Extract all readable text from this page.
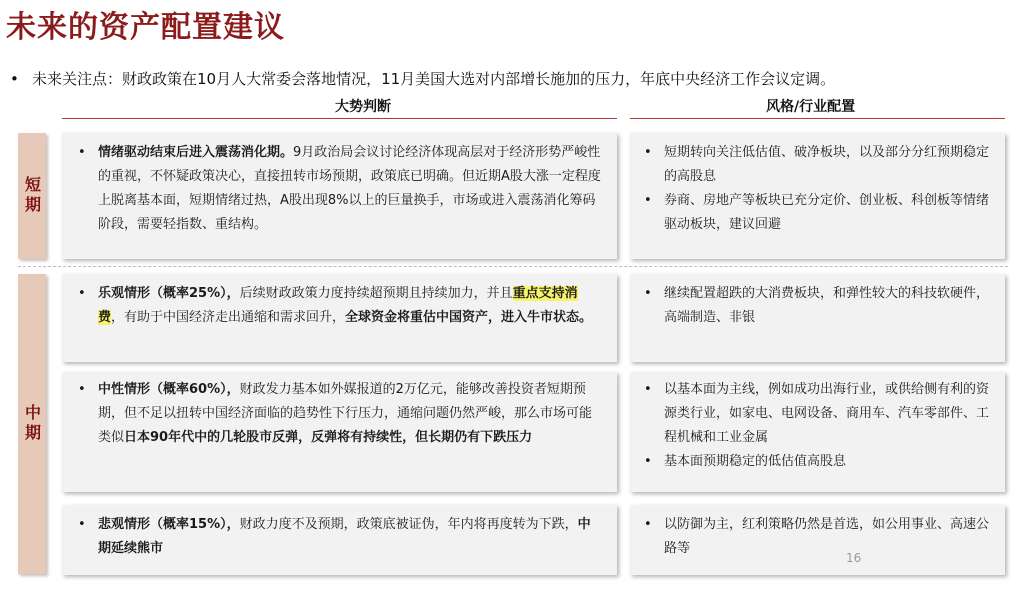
未来的资产配置建议
• 未来关注点：财政政策在10月人大常委会落地情况，11月美国大选对内部增长施加的压力，年底中央经济工作会议定调。
大势判断	风格/行业配置
短期
• 情绪驱动结束后进入震荡消化期。9月政治局会议讨论经济体现高层对于经济形势严峻性的重视，不怀疑政策决心，直接扭转市场预期，政策底已明确。但近期A股大涨一定程度上脱离基本面，短期情绪过热，A股出现8%以上的巨量换手，市场或进入震荡消化筹码阶段，需要轻指数、重结构。
• 短期转向关注低估值、破净板块，以及部分分红预期稳定的高股息
• 券商、房地产等板块已充分定价、创业板、科创板等情绪驱动板块，建议回避
中期
• 乐观情形（概率25%），后续财政政策力度持续超预期且持续加力，并且重点支持消费，有助于中国经济走出通缩和需求回升，全球资金将重估中国资产，进入牛市状态。
• 继续配置超跌的大消费板块，和弹性较大的科技软硬件，高端制造、非银
• 中性情形（概率60%），财政发力基本如外媒报道的2万亿元，能够改善投资者短期预期，但不足以扭转中国经济面临的趋势性下行压力，通缩问题仍然严峻，那么市场可能类似日本90年代中的几轮股市反弹，反弹将有持续性，但长期仍有下跌压力
• 以基本面为主线，例如成功出海行业，或供给侧有利的资源类行业，如家电、电网设备、商用车、汽车零部件、工程机械和工业金属
• 基本面预期稳定的低估值高股息
• 悲观情形（概率15%），财政力度不及预期，政策底被证伪，年内将再度转为下跌，中期延续熊市
• 以防御为主，红利策略仍然是首选，如公用事业、高速公路等
16
